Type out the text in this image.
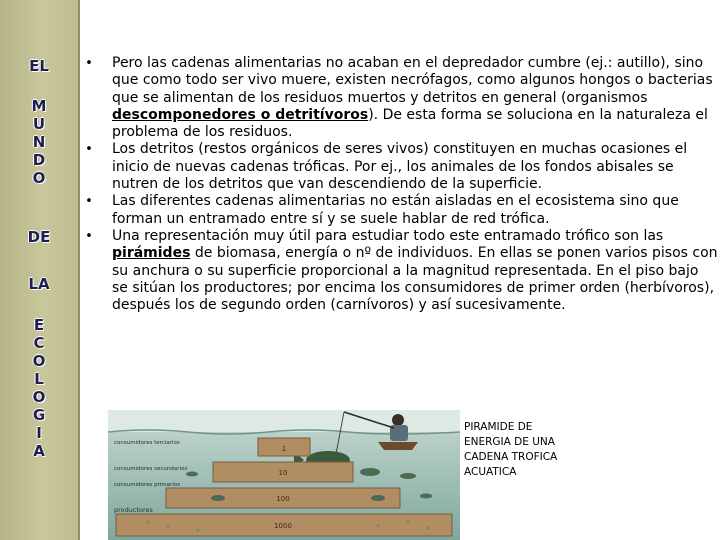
EL
M
U
N
D
O
DE
LA
E
C
O
L
O
G
I
A
• Pero las cadenas alimentarias no acaban en el depredador cumbre (ej.: autillo), sino que como todo ser vivo muere, existen necrófagos, como algunos hongos o bacterias que se alimentan de los residuos muertos y detritos en general (organismos descomponedores o detritívoros). De esta forma se soluciona en la naturaleza el problema de los residuos.
• Los detritos (restos orgánicos de seres vivos) constituyen en muchas ocasiones el inicio de nuevas cadenas tróficas. Por ej., los animales de los fondos abisales se nutren de los detritos que van descendiendo de la superficie.
• Las diferentes cadenas alimentarias no están aisladas en el ecosistema sino que forman un entramado entre sí y se suele hablar de red trófica.
• Una representación muy útil para estudiar todo este entramado trófico son las pirámides de biomasa, energía o nº de individuos. En ellas se ponen varios pisos con su anchura o su superficie proporcional a la magnitud representada. En el piso bajo se sitúan los productores; por encima los consumidores de primer orden (herbívoros), después los de segundo orden (carnívoros) y así sucesivamente.
1
10
100
1000
consumidores terciarios
consumidores secundarios
consumidores primarios
productores
PIRAMIDE DE
ENERGIA DE UNA
CADENA TROFICA
ACUATICA
